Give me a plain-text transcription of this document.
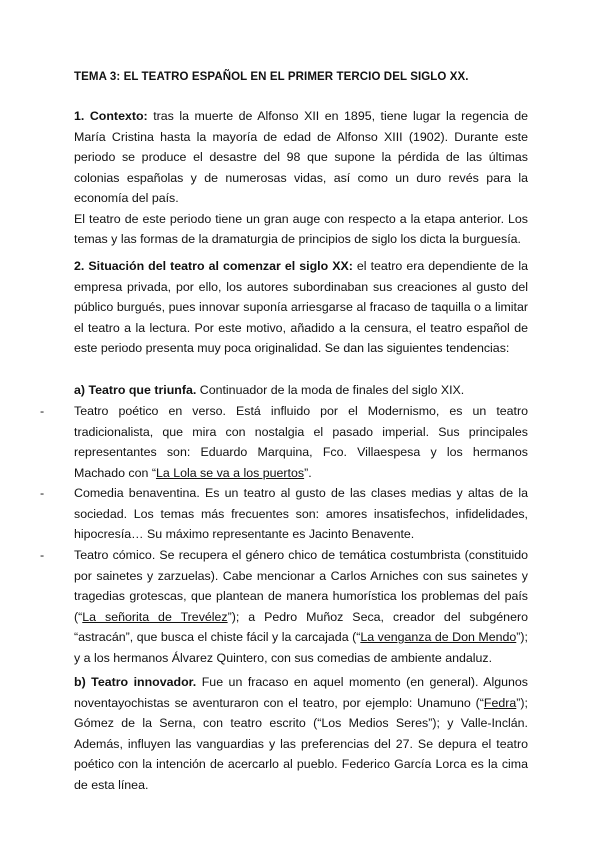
TEMA 3: EL TEATRO ESPAÑOL EN EL PRIMER TERCIO DEL SIGLO XX.

1. Contexto: tras la muerte de Alfonso XII en 1895, tiene lugar la regencia de María Cristina hasta la mayoría de edad de Alfonso XIII (1902). Durante este periodo se produce el desastre del 98 que supone la pérdida de las últimas colonias españolas y de numerosas vidas, así como un duro revés para la economía del país.

El teatro de este periodo tiene un gran auge con respecto a la etapa anterior. Los temas y las formas de la dramaturgia de principios de siglo los dicta la burguesía.

2. Situación del teatro al comenzar el siglo XX: el teatro era dependiente de la empresa privada, por ello, los autores subordinaban sus creaciones al gusto del público burgués, pues innovar suponía arriesgarse al fracaso de taquilla o a limitar el teatro a la lectura. Por este motivo, añadido a la censura, el teatro español de este periodo presenta muy poca originalidad. Se dan las siguientes tendencias:

a) Teatro que triunfa. Continuador de la moda de finales del siglo XIX.

- Teatro poético en verso. Está influido por el Modernismo, es un teatro tradicionalista, que mira con nostalgia el pasado imperial. Sus principales representantes son: Eduardo Marquina, Fco. Villaespesa y los hermanos Machado con “La Lola se va a los puertos”.
- Comedia benaventina. Es un teatro al gusto de las clases medias y altas de la sociedad. Los temas más frecuentes son: amores insatisfechos, infidelidades, hipocresía… Su máximo representante es Jacinto Benavente.
- Teatro cómico. Se recupera el género chico de temática costumbrista (constituido por sainetes y zarzuelas). Cabe mencionar a Carlos Arniches con sus sainetes y tragedias grotescas, que plantean de manera humorística los problemas del país (“La señorita de Trevélez”); a Pedro Muñoz Seca, creador del subgénero “astracán”, que busca el chiste fácil y la carcajada (“La venganza de Don Mendo”); y a los hermanos Álvarez Quintero, con sus comedias de ambiente andaluz.

b) Teatro innovador. Fue un fracaso en aquel momento (en general). Algunos noventayochistas se aventuraron con el teatro, por ejemplo: Unamuno (“Fedra”); Gómez de la Serna, con teatro escrito (“Los Medios Seres”); y Valle-Inclán. Además, influyen las vanguardias y las preferencias del 27. Se depura el teatro poético con la intención de acercarlo al pueblo. Federico García Lorca es la cima de esta línea.
